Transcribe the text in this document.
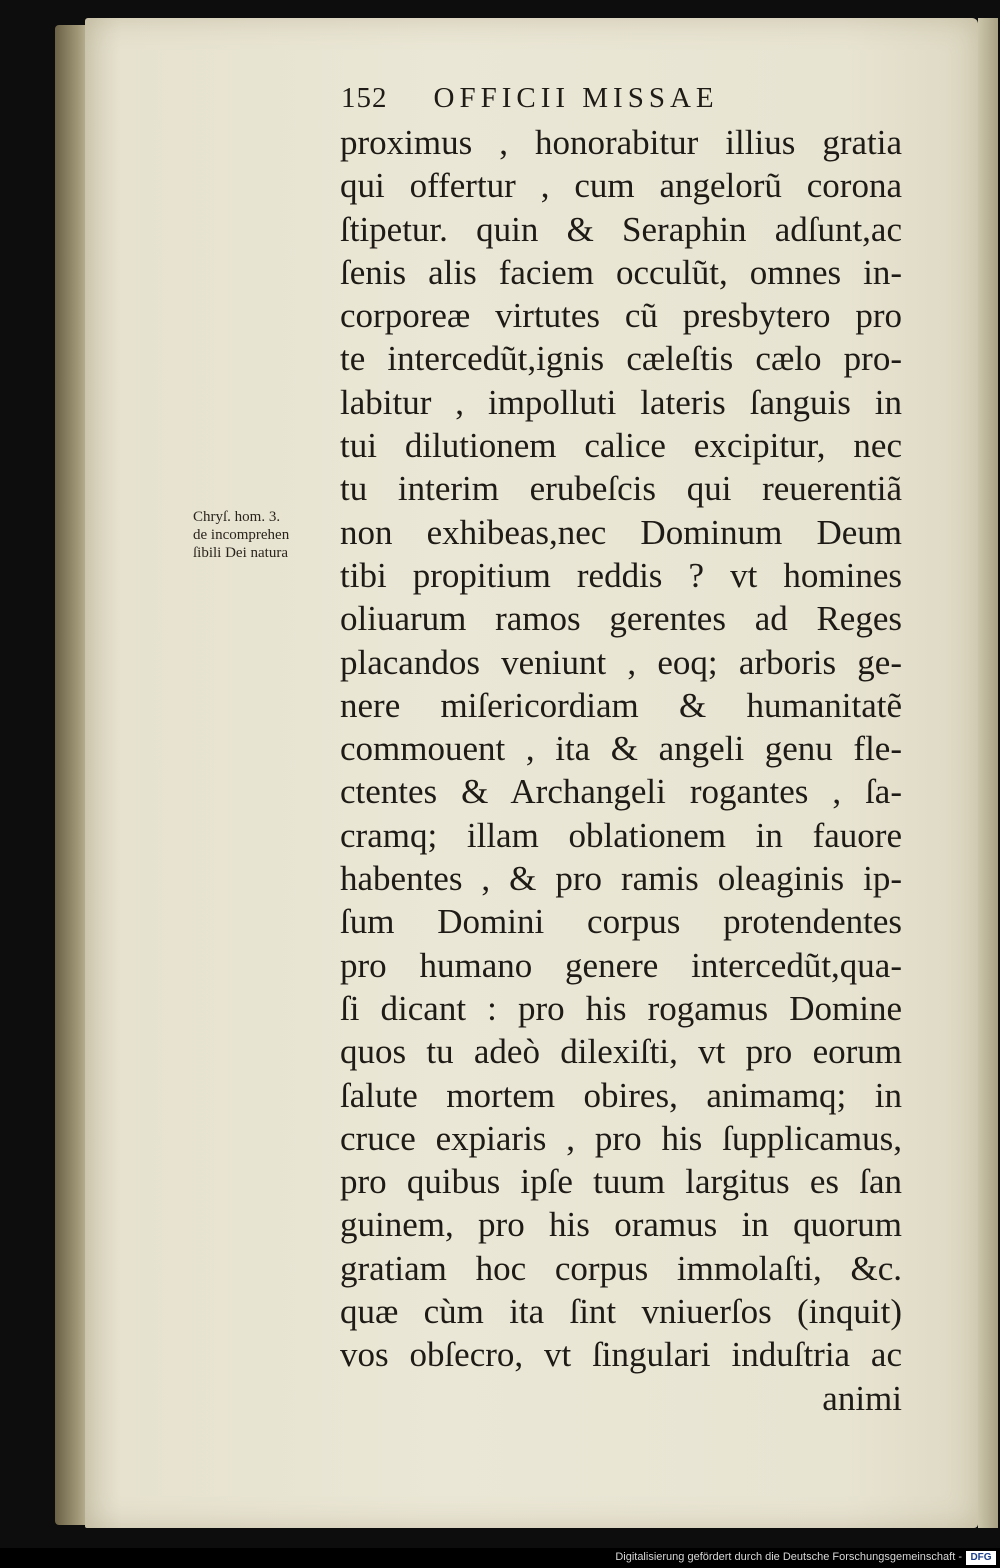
152 OFFICII MISSAE
Chryſ. hom. 3.
de incomprehen
ſibili Dei natura
proximus , honorabitur illius gratia
qui offertur , cum angelorũ corona
ſtipetur. quin & Seraphin adſunt,ac
ſenis alis faciem occulũt, omnes in-
corporeæ virtutes cũ presbytero pro
te intercedũt,ignis cæleſtis cælo pro-
labitur , impolluti lateris ſanguis in
tui dilutionem calice excipitur, nec
tu interim erubeſcis qui reuerentiã
non exhibeas,nec Dominum Deum
tibi propitium reddis ? vt homines
oliuarum ramos gerentes ad Reges
placandos veniunt , eoq; arboris ge-
nere miſericordiam & humanitatẽ
commouent , ita & angeli genu fle-
ctentes & Archangeli rogantes , ſa-
cramq; illam oblationem in fauore
habentes , & pro ramis oleaginis ip-
ſum Domini corpus protendentes
pro humano genere intercedũt,qua-
ſi dicant : pro his rogamus Domine
quos tu adeò dilexiſti, vt pro eorum
ſalute mortem obires, animamq; in
cruce expiaris , pro his ſupplicamus,
pro quibus ipſe tuum largitus es ſan
guinem, pro his oramus in quorum
gratiam hoc corpus immolaſti, &c.
quæ cùm ita ſint vniuerſos (inquit)
vos obſecro, vt ſingulari induſtria ac
animi
Digitalisierung gefördert durch die Deutsche Forschungsgemeinschaft - DFG
